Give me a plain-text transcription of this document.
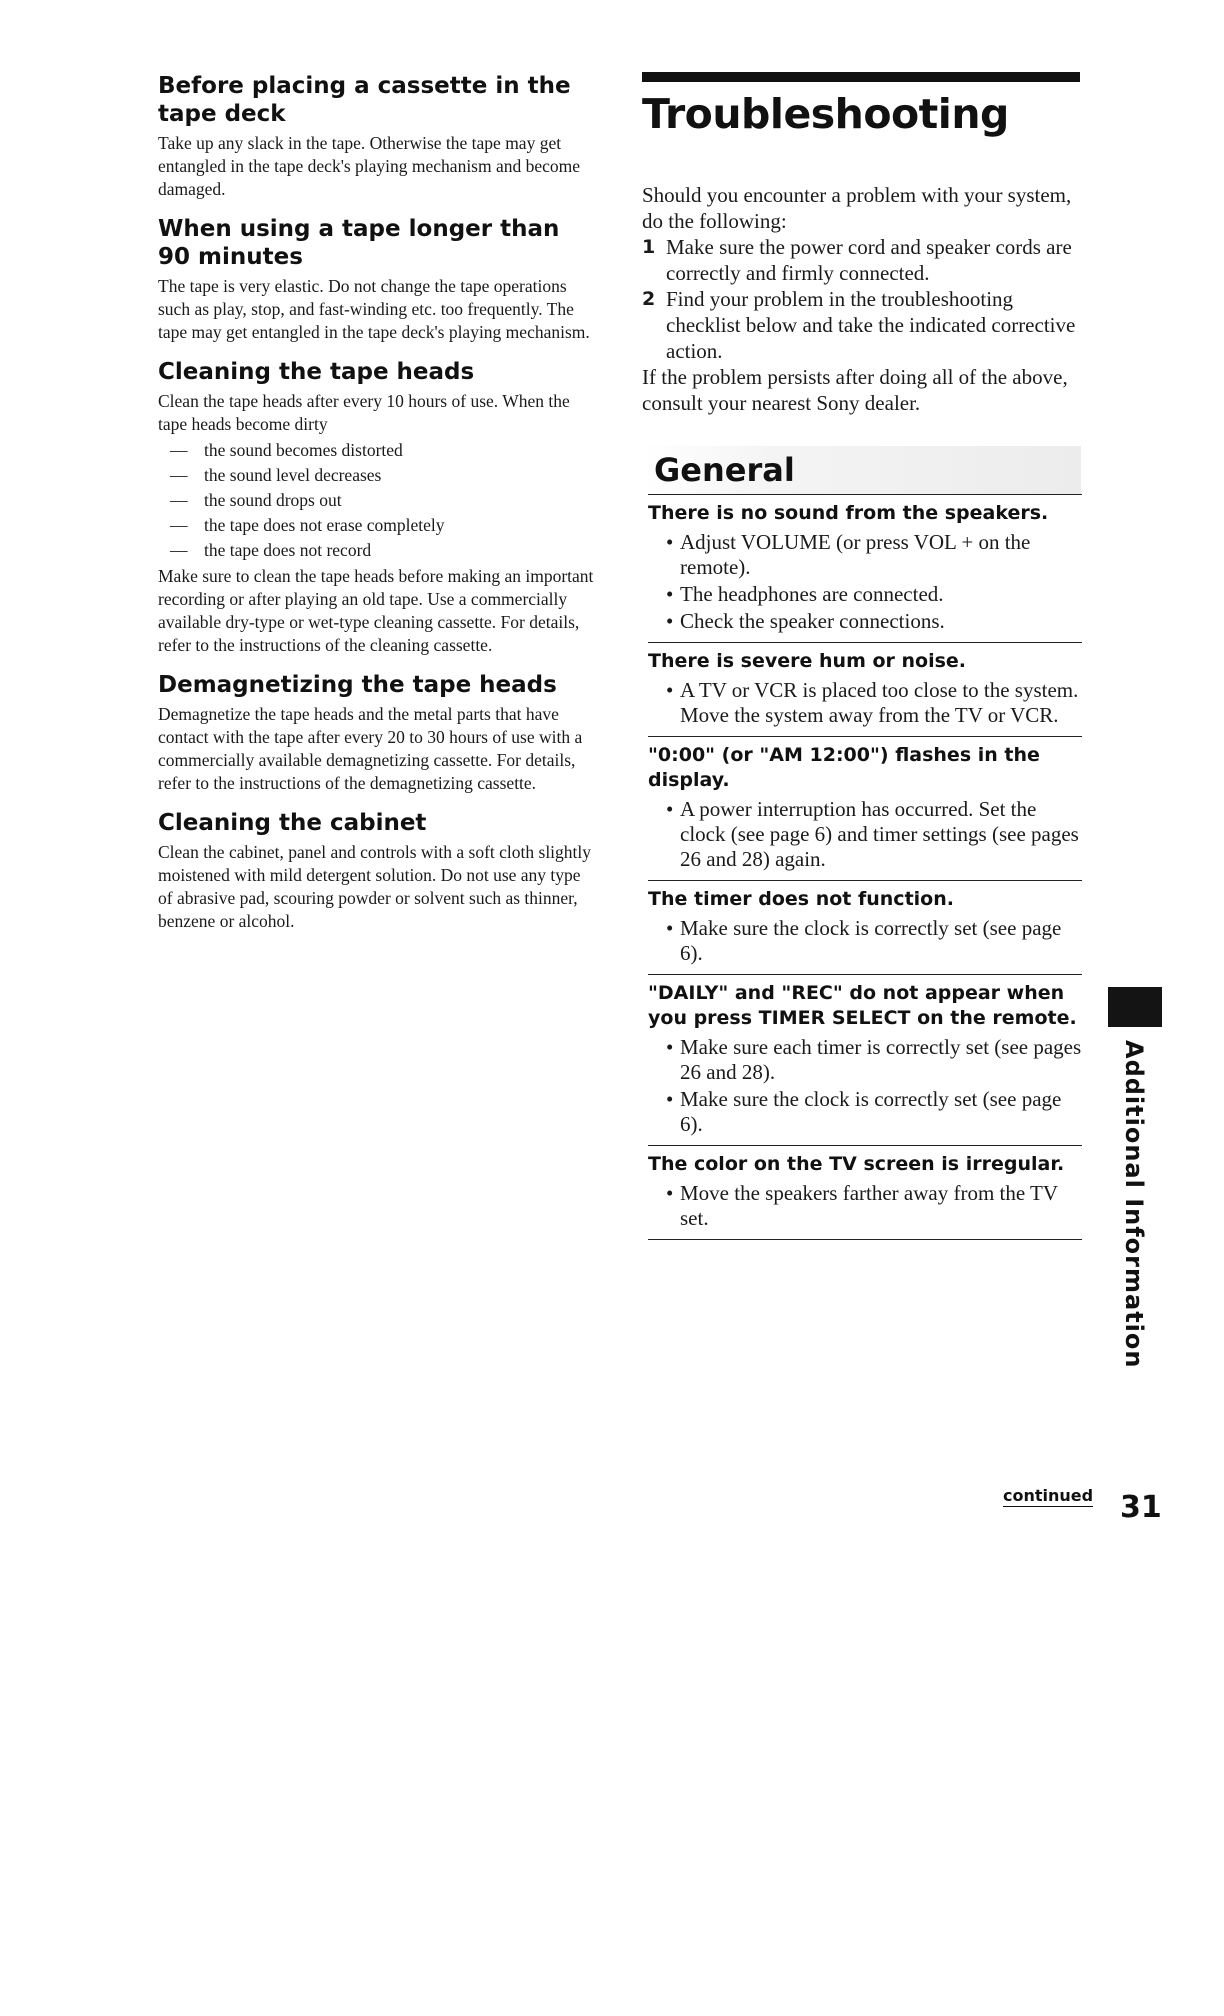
Before placing a cassette in the tape deck

Take up any slack in the tape. Otherwise the tape may get entangled in the tape deck's playing mechanism and become damaged.

When using a tape longer than 90 minutes

The tape is very elastic. Do not change the tape operations such as play, stop, and fast-winding etc. too frequently. The tape may get entangled in the tape deck's playing mechanism.

Cleaning the tape heads

Clean the tape heads after every 10 hours of use. When the tape heads become dirty

— the sound becomes distorted
— the sound level decreases
— the sound drops out
— the tape does not erase completely
— the tape does not record

Make sure to clean the tape heads before making an important recording or after playing an old tape. Use a commercially available dry-type or wet-type cleaning cassette. For details, refer to the instructions of the cleaning cassette.

Demagnetizing the tape heads

Demagnetize the tape heads and the metal parts that have contact with the tape after every 20 to 30 hours of use with a commercially available demagnetizing cassette. For details, refer to the instructions of the demagnetizing cassette.

Cleaning the cabinet

Clean the cabinet, panel and controls with a soft cloth slightly moistened with mild detergent solution. Do not use any type of abrasive pad, scouring powder or solvent such as thinner, benzene or alcohol.

Troubleshooting

Should you encounter a problem with your system, do the following:

1 Make sure the power cord and speaker cords are correctly and firmly connected.
2 Find your problem in the troubleshooting checklist below and take the indicated corrective action.

If the problem persists after doing all of the above, consult your nearest Sony dealer.

General
There is no sound from the speakers.
• Adjust VOLUME (or press VOL + on the remote).
• The headphones are connected.
• Check the speaker connections.
There is severe hum or noise.
• A TV or VCR is placed too close to the system. Move the system away from the TV or VCR.
"0:00" (or "AM 12:00") flashes in the display.
• A power interruption has occurred. Set the clock (see page 6) and timer settings (see pages 26 and 28) again.
The timer does not function.
• Make sure the clock is correctly set (see page 6).
"DAILY" and "REC" do not appear when you press TIMER SELECT on the remote.
• Make sure each timer is correctly set (see pages 26 and 28).
• Make sure the clock is correctly set (see page 6).
The color on the TV screen is irregular.
• Move the speakers farther away from the TV set.	Additional Information
continued 31
